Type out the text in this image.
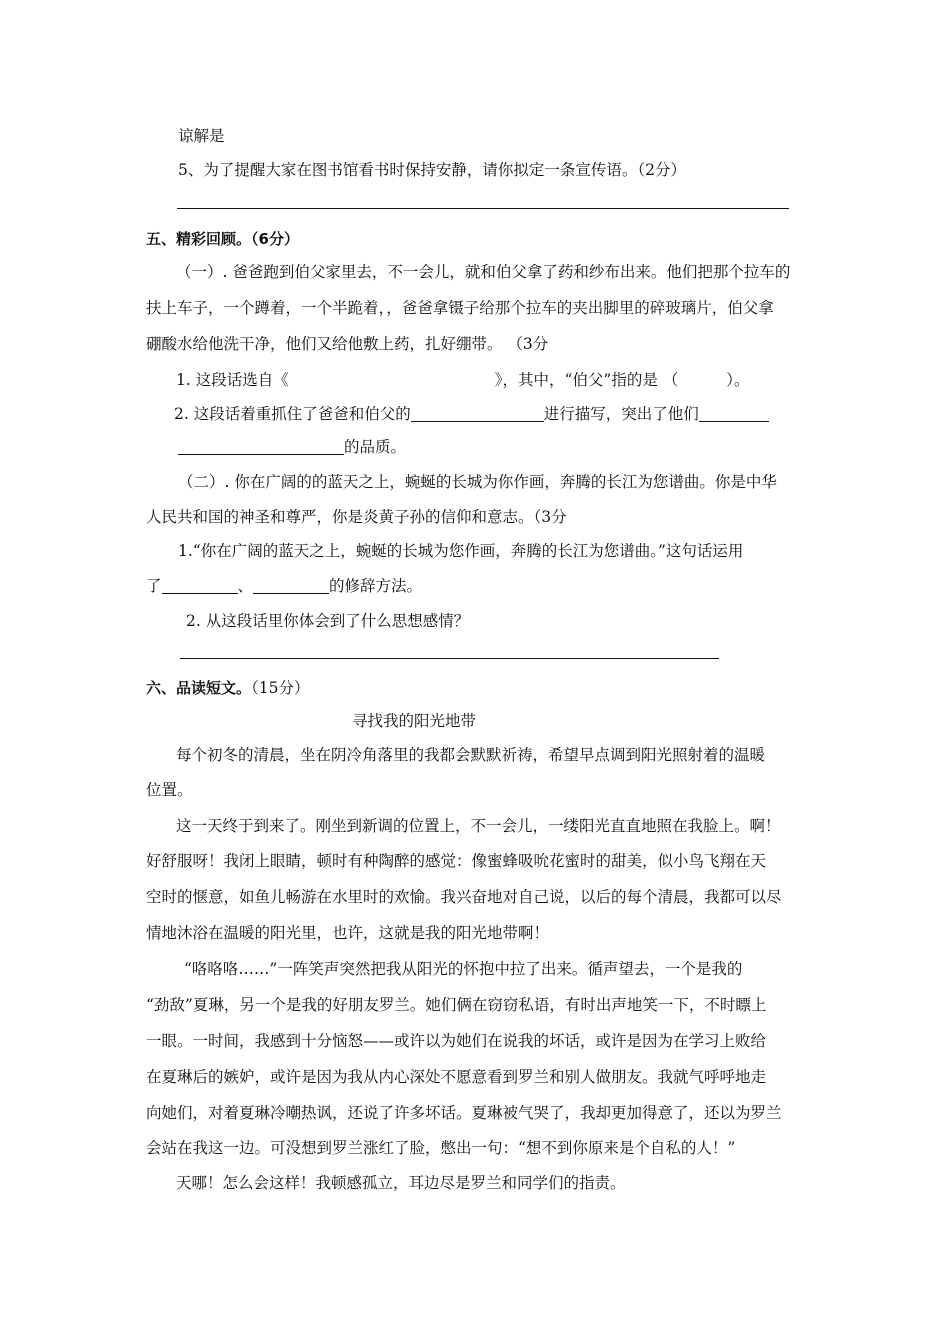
谅解是
5、为了提醒大家在图书馆看书时保持安静，请你拟定一条宣传语。（2分）
五、精彩回顾。（6分）
（一）. 爸爸跑到伯父家里去，不一会儿，就和伯父拿了药和纱布出来。他们把那个拉车的
扶上车子，一个蹲着，一个半跪着，，爸爸拿镊子给那个拉车的夹出脚里的碎玻璃片，伯父拿
硼酸水给他洗干净，他们又给他敷上药，扎好绷带。 （3分
1. 这段话选自《	》，其中，“伯父”指的是 （	）。
2. 这段话着重抓住了爸爸和伯父的	进行描写，突出了他们
的品质。
（二）. 你在广阔的的蓝天之上，蜿蜒的长城为你作画，奔腾的长江为您谱曲。你是中华
人民共和国的神圣和尊严，你是炎黄子孙的信仰和意志。（3分
1.“你在广阔的蓝天之上，蜿蜒的长城为您作画，奔腾的长江为您谱曲。”这句话运用
了	、	的修辞方法。
2. 从这段话里你体会到了什么思想感情？
六、品读短文。（15分）
寻找我的阳光地带
每个初冬的清晨，坐在阴冷角落里的我都会默默祈祷，希望早点调到阳光照射着的温暖
位置。
这一天终于到来了。刚坐到新调的位置上，不一会儿，一缕阳光直直地照在我脸上。啊！
好舒服呀！我闭上眼睛，顿时有种陶醉的感觉：像蜜蜂吸吮花蜜时的甜美，似小鸟飞翔在天
空时的惬意，如鱼儿畅游在水里时的欢愉。我兴奋地对自己说，以后的每个清晨，我都可以尽
情地沐浴在温暖的阳光里，也许，这就是我的阳光地带啊！
“咯咯咯……”一阵笑声突然把我从阳光的怀抱中拉了出来。循声望去，一个是我的
“劲敌”夏琳，另一个是我的好朋友罗兰。她们俩在窃窃私语，有时出声地笑一下，不时瞟上
一眼。一时间，我感到十分恼怒——或许以为她们在说我的坏话，或许是因为在学习上败给
在夏琳后的嫉妒，或许是因为我从内心深处不愿意看到罗兰和别人做朋友。我就气呼呼地走
向她们，对着夏琳冷嘲热讽，还说了许多坏话。夏琳被气哭了，我却更加得意了，还以为罗兰
会站在我这一边。可没想到罗兰涨红了脸，憋出一句：“想不到你原来是个自私的人！”
天哪！怎么会这样！我顿感孤立，耳边尽是罗兰和同学们的指责。
